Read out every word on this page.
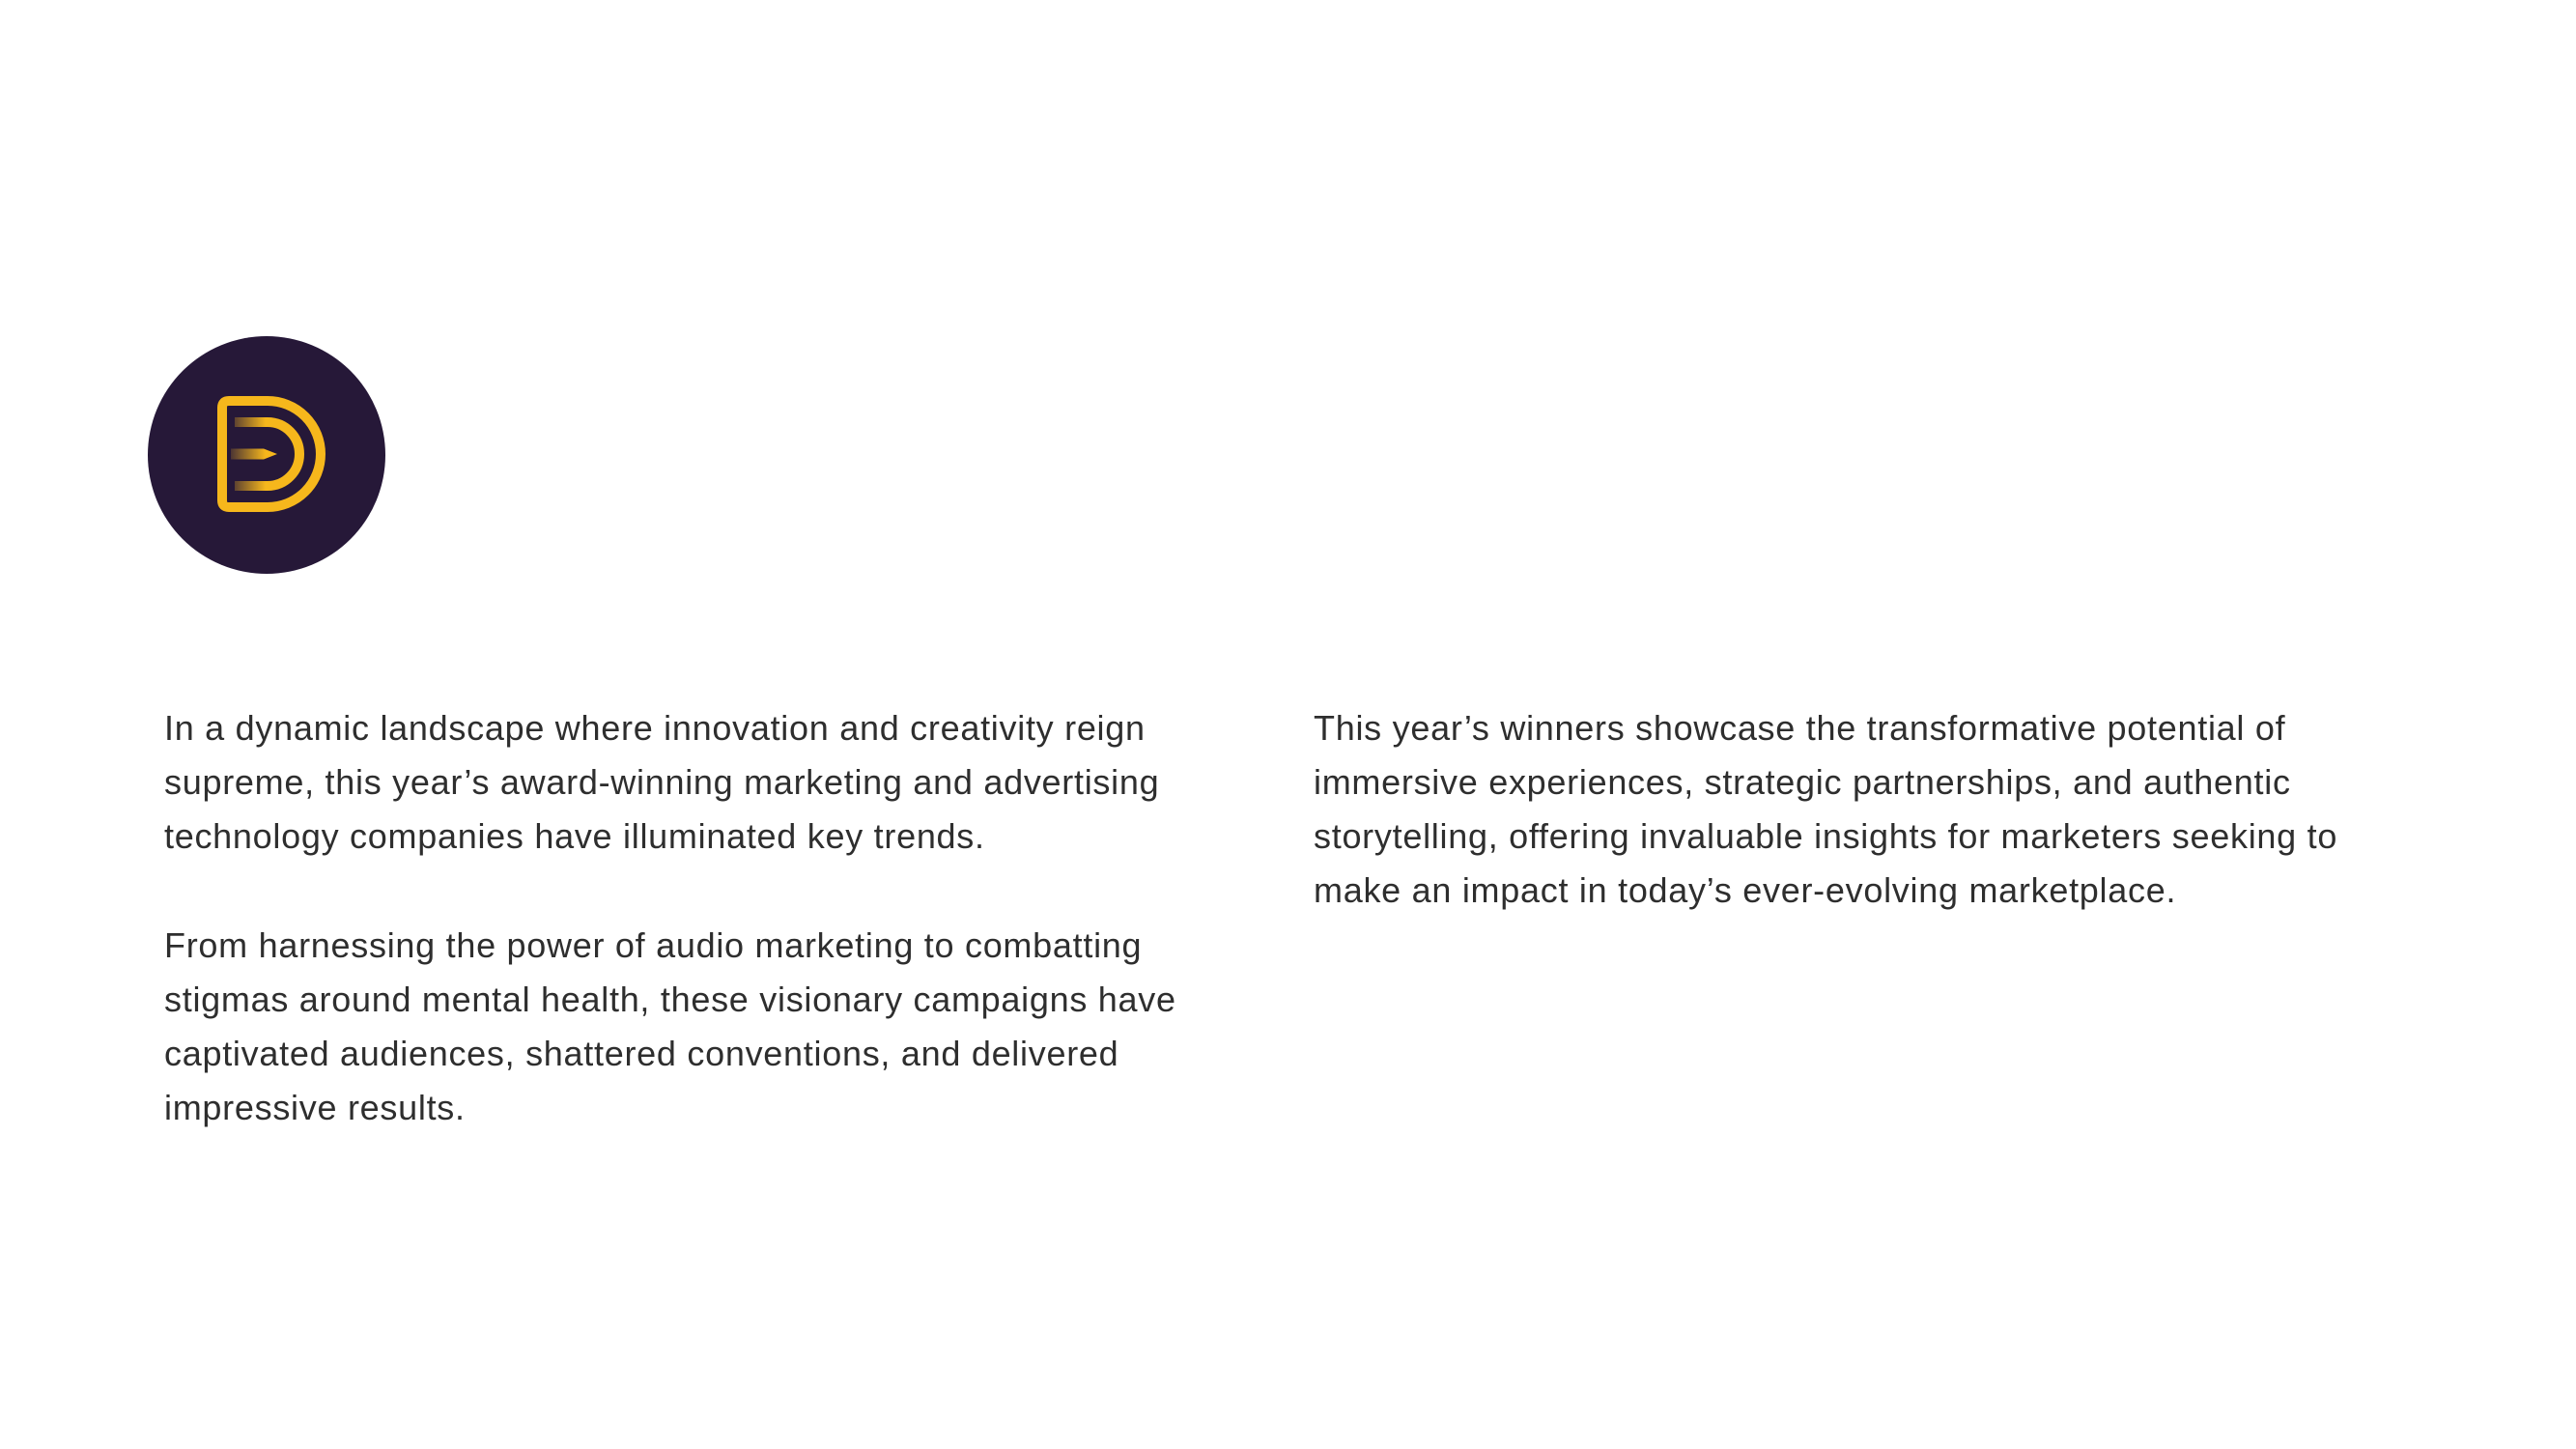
In a dynamic landscape where innovation and creativity reign
supreme, this year’s award-winning marketing and advertising
technology companies have illuminated key trends.

From harnessing the power of audio marketing to combatting
stigmas around mental health, these visionary campaigns have
captivated audiences, shattered conventions, and delivered
impressive results.

This year’s winners showcase the transformative potential of
immersive experiences, strategic partnerships, and authentic
storytelling, offering invaluable insights for marketers seeking to
make an impact in today’s ever-evolving marketplace.
